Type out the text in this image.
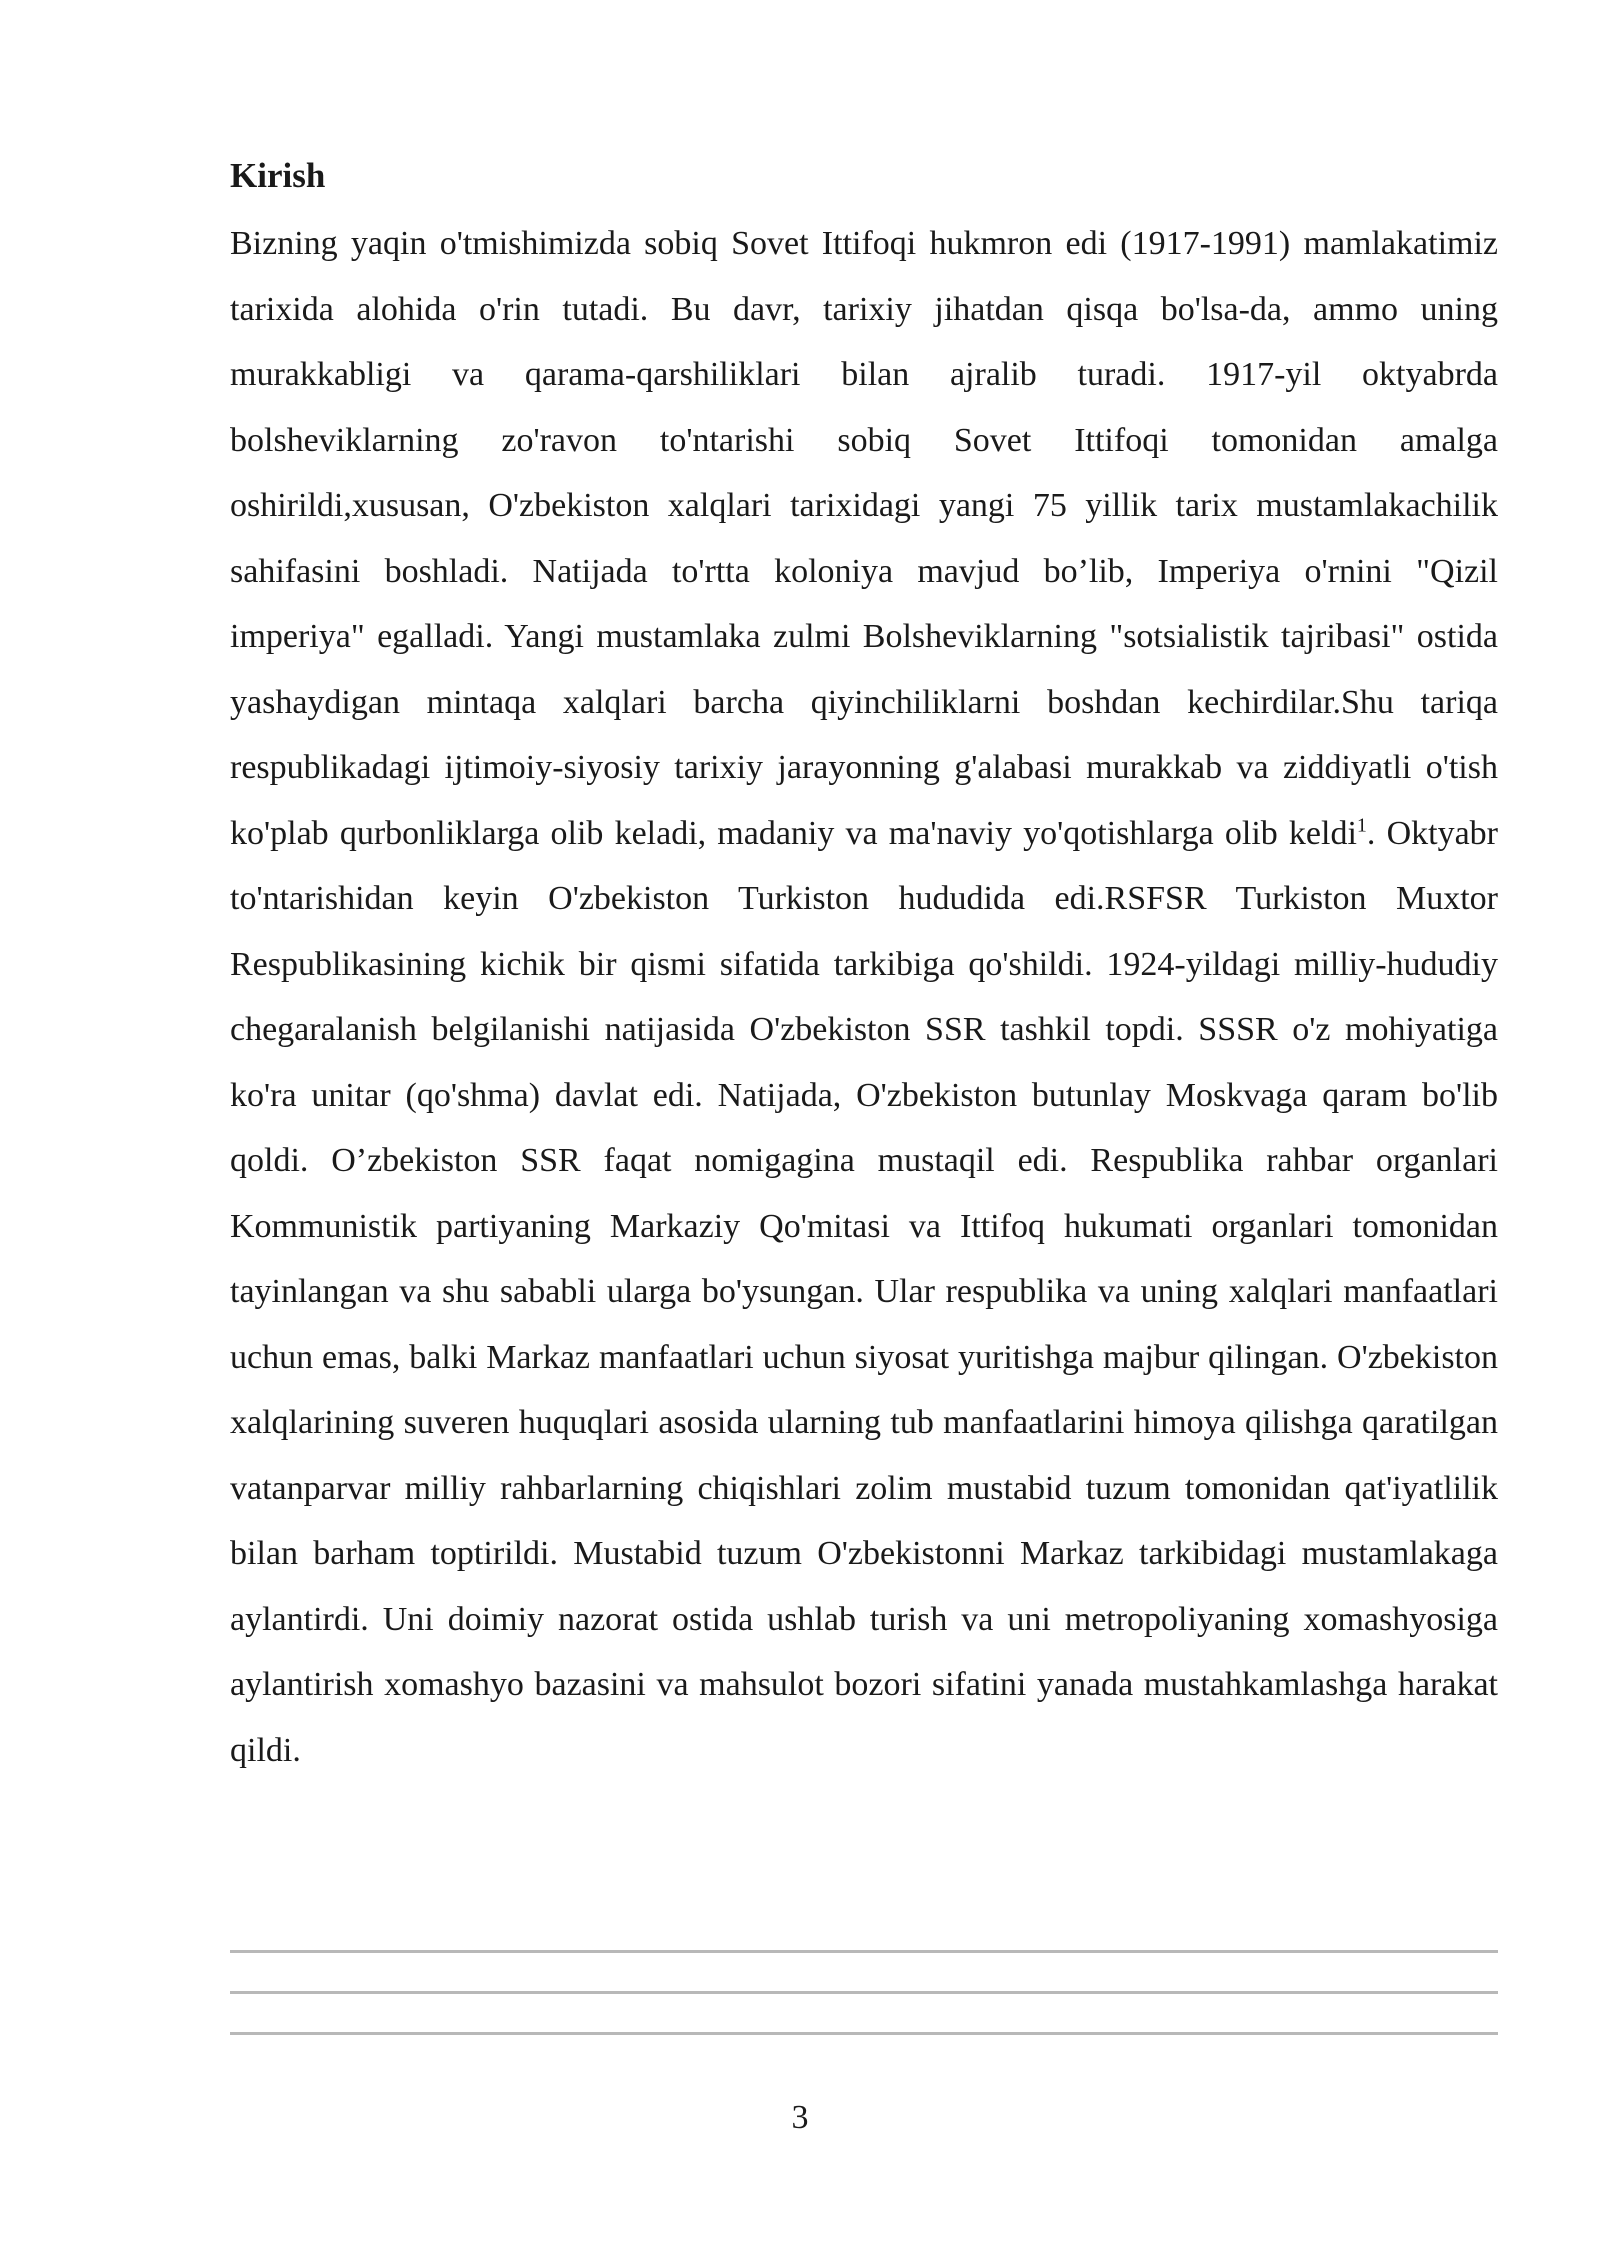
Kirish

Bizning yaqin o'tmishimizda sobiq Sovet Ittifoqi hukmron edi (1917-1991) mamlakatimiz tarixida alohida o'rin tutadi. Bu davr, tarixiy jihatdan qisqa bo'lsa-da, ammo uning murakkabligi va qarama-qarshiliklari bilan ajralib turadi. 1917-yil oktyabrda bolsheviklarning zo'ravon to'ntarishi sobiq Sovet Ittifoqi tomonidan amalga oshirildi,xususan, O'zbekiston xalqlari tarixidagi yangi 75 yillik tarix mustamlakachilik sahifasini boshladi. Natijada to'rtta koloniya mavjud bo’lib, Imperiya o'rnini "Qizil imperiya" egalladi. Yangi mustamlaka zulmi Bolsheviklarning "sotsialistik tajribasi" ostida yashaydigan mintaqa xalqlari barcha qiyinchiliklarni boshdan kechirdilar.Shu tariqa respublikadagi ijtimoiy-siyosiy tarixiy jarayonning g'alabasi murakkab va ziddiyatli o'tish ko'plab qurbonliklarga olib keladi, madaniy va ma'naviy yo'qotishlarga olib keldi$^1$. Oktyabr to'ntarishidan keyin O'zbekiston Turkiston hududida edi.RSFSR Turkiston Muxtor Respublikasining kichik bir qismi sifatida tarkibiga qo'shildi. 1924-yildagi milliy-hududiy chegaralanish belgilanishi natijasida O'zbekiston SSR tashkil topdi. SSSR o'z mohiyatiga ko'ra unitar (qo'shma) davlat edi. Natijada, O'zbekiston butunlay Moskvaga qaram bo'lib qoldi. O’zbekiston SSR faqat nomigagina mustaqil edi. Respublika rahbar organlari Kommunistik partiyaning Markaziy Qo'mitasi va Ittifoq hukumati organlari tomonidan tayinlangan va shu sababli ularga bo'ysungan. Ular respublika va uning xalqlari manfaatlari uchun emas, balki Markaz manfaatlari uchun siyosat yuritishga majbur qilingan. O'zbekiston xalqlarining suveren huquqlari asosida ularning tub manfaatlarini himoya qilishga qaratilgan vatanparvar milliy rahbarlarning chiqishlari zolim mustabid tuzum tomonidan qat'iyatlilik bilan barham toptirildi. Mustabid tuzum O'zbekistonni Markaz tarkibidagi mustamlakaga aylantirdi. Uni doimiy nazorat ostida ushlab turish va uni metropoliyaning xomashyosiga aylantirish xomashyo bazasini va mahsulot bozori sifatini yanada mustahkamlashga harakat qildi.

3
